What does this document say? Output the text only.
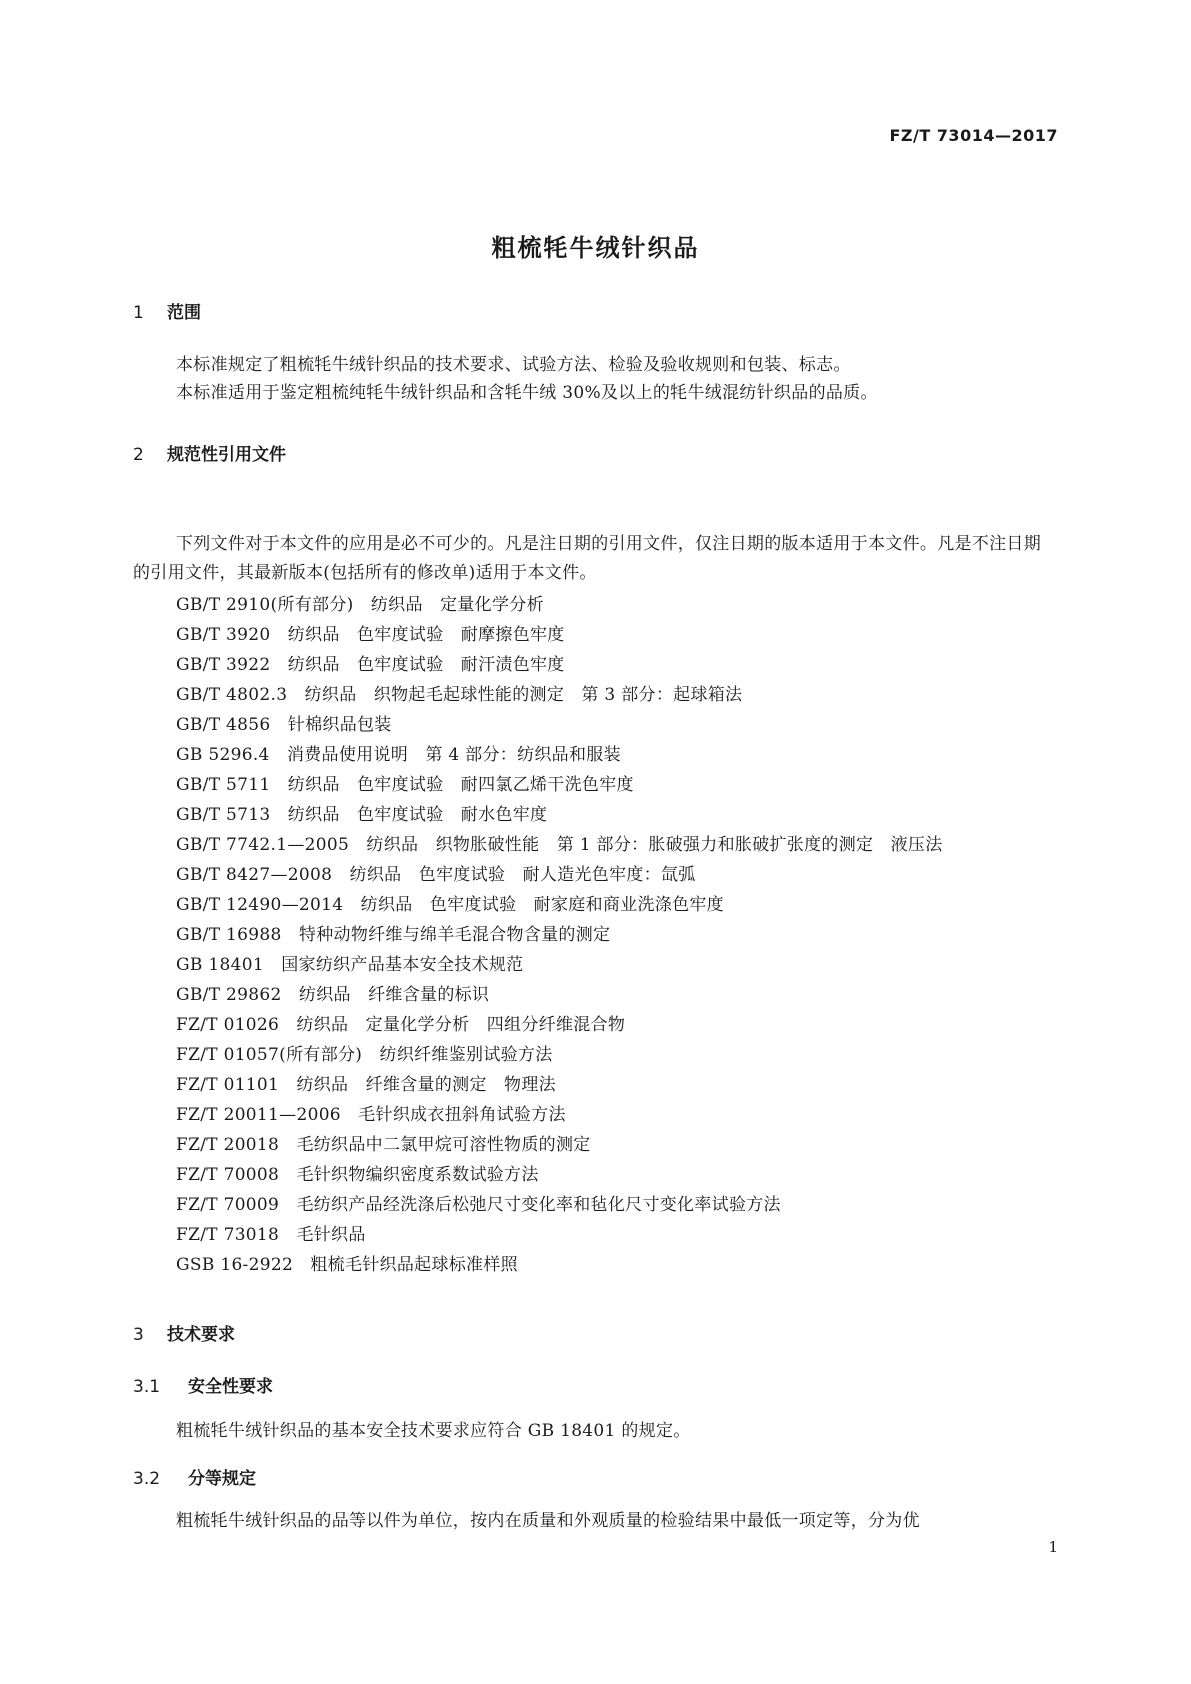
FZ/T 73014—2017
粗梳牦牛绒针织品
1 范围
本标准规定了粗梳牦牛绒针织品的技术要求、试验方法、检验及验收规则和包装、标志。
本标准适用于鉴定粗梳纯牦牛绒针织品和含牦牛绒 30%及以上的牦牛绒混纺针织品的品质。
2 规范性引用文件
下列文件对于本文件的应用是必不可少的。凡是注日期的引用文件，仅注日期的版本适用于本文件。凡是不注日期的引用文件，其最新版本(包括所有的修改单)适用于本文件。
GB/T 2910(所有部分)　纺织品　定量化学分析
GB/T 3920　纺织品　色牢度试验　耐摩擦色牢度
GB/T 3922　纺织品　色牢度试验　耐汗渍色牢度
GB/T 4802.3　纺织品　织物起毛起球性能的测定　第 3 部分：起球箱法
GB/T 4856　针棉织品包装
GB 5296.4　消费品使用说明　第 4 部分：纺织品和服装
GB/T 5711　纺织品　色牢度试验　耐四氯乙烯干洗色牢度
GB/T 5713　纺织品　色牢度试验　耐水色牢度
GB/T 7742.1—2005　纺织品　织物胀破性能　第 1 部分：胀破强力和胀破扩张度的测定　液压法
GB/T 8427—2008　纺织品　色牢度试验　耐人造光色牢度：氙弧
GB/T 12490—2014　纺织品　色牢度试验　耐家庭和商业洗涤色牢度
GB/T 16988　特种动物纤维与绵羊毛混合物含量的测定
GB 18401　国家纺织产品基本安全技术规范
GB/T 29862　纺织品　纤维含量的标识
FZ/T 01026　纺织品　定量化学分析　四组分纤维混合物
FZ/T 01057(所有部分)　纺织纤维鉴别试验方法
FZ/T 01101　纺织品　纤维含量的测定　物理法
FZ/T 20011—2006　毛针织成衣扭斜角试验方法
FZ/T 20018　毛纺织品中二氯甲烷可溶性物质的测定
FZ/T 70008　毛针织物编织密度系数试验方法
FZ/T 70009　毛纺织产品经洗涤后松弛尺寸变化率和毡化尺寸变化率试验方法
FZ/T 73018　毛针织品
GSB 16-2922　粗梳毛针织品起球标准样照
3 技术要求
3.1 安全性要求
粗梳牦牛绒针织品的基本安全技术要求应符合 GB 18401 的规定。
3.2 分等规定
粗梳牦牛绒针织品的品等以件为单位，按内在质量和外观质量的检验结果中最低一项定等，分为优
1
